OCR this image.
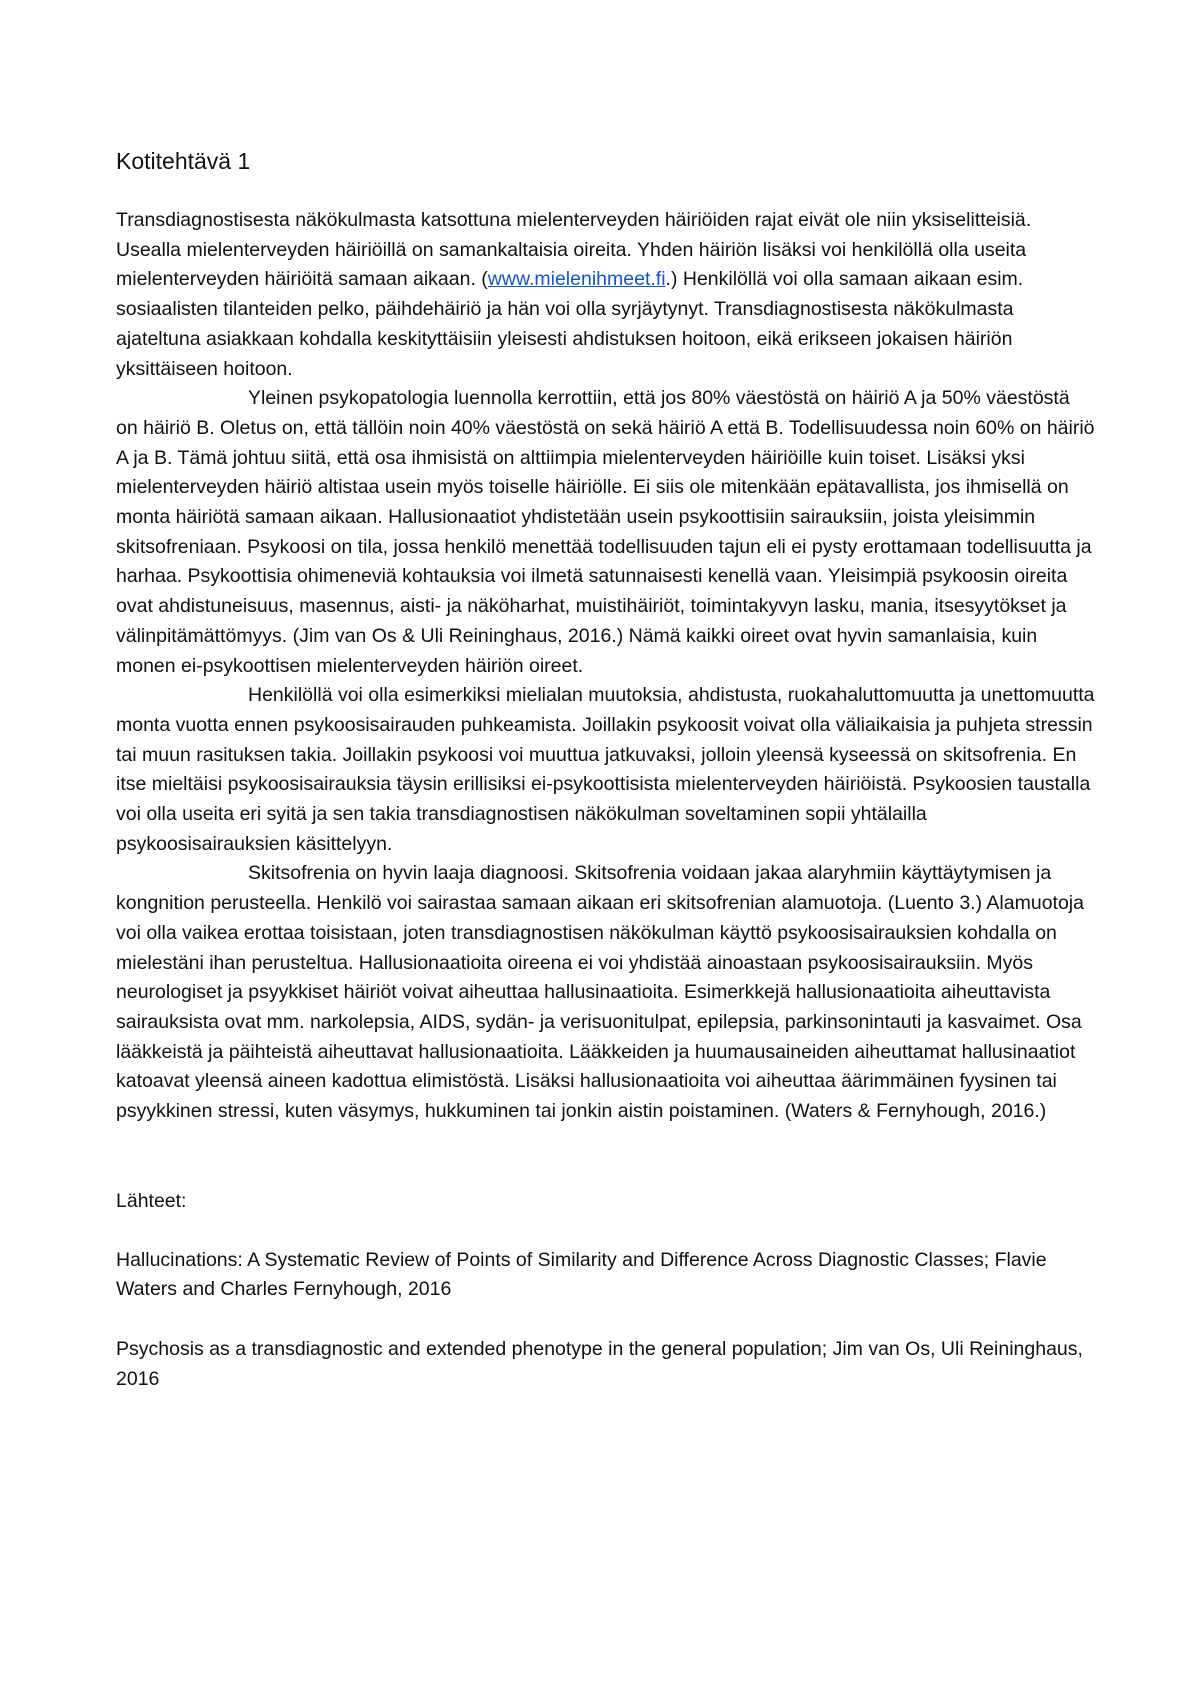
Kotitehtävä 1

Transdiagnostisesta näkökulmasta katsottuna mielenterveyden häiriöiden rajat eivät ole niin yksiselitteisiä. Usealla mielenterveyden häiriöillä on samankaltaisia oireita. Yhden häiriön lisäksi voi henkilöllä olla useita mielenterveyden häiriöitä samaan aikaan. (www.mielenihmeet.fi.) Henkilöllä voi olla samaan aikaan esim. sosiaalisten tilanteiden pelko, päihdehäiriö ja hän voi olla syrjäytynyt. Transdiagnostisesta näkökulmasta ajateltuna asiakkaan kohdalla keskityttäisiin yleisesti ahdistuksen hoitoon, eikä erikseen jokaisen häiriön yksittäiseen hoitoon.

Yleinen psykopatologia luennolla kerrottiin, että jos 80% väestöstä on häiriö A ja 50% väestöstä on häiriö B. Oletus on, että tällöin noin 40% väestöstä on sekä häiriö A että B. Todellisuudessa noin 60% on häiriö A ja B. Tämä johtuu siitä, että osa ihmisistä on alttiimpia mielenterveyden häiriöille kuin toiset. Lisäksi yksi mielenterveyden häiriö altistaa usein myös toiselle häiriölle. Ei siis ole mitenkään epätavallista, jos ihmisellä on monta häiriötä samaan aikaan. Hallusionaatiot yhdistetään usein psykoottisiin sairauksiin, joista yleisimmin skitsofreniaan. Psykoosi on tila, jossa henkilö menettää todellisuuden tajun eli ei pysty erottamaan todellisuutta ja harhaa. Psykoottisia ohimeneviä kohtauksia voi ilmetä satunnaisesti kenellä vaan. Yleisimpiä psykoosin oireita ovat ahdistuneisuus, masennus, aisti- ja näköharhat, muistihäiriöt, toimintakyvyn lasku, mania, itsesyytökset ja välinpitämättömyys. (Jim van Os & Uli Reininghaus, 2016.) Nämä kaikki oireet ovat hyvin samanlaisia, kuin monen ei-psykoottisen mielenterveyden häiriön oireet.

Henkilöllä voi olla esimerkiksi mielialan muutoksia, ahdistusta, ruokahaluttomuutta ja unettomuutta monta vuotta ennen psykoosisairauden puhkeamista. Joillakin psykoosit voivat olla väliaikaisia ja puhjeta stressin tai muun rasituksen takia. Joillakin psykoosi voi muuttua jatkuvaksi, jolloin yleensä kyseessä on skitsofrenia. En itse mieltäisi psykoosisairauksia täysin erillisiksi ei-psykoottisista mielenterveyden häiriöistä. Psykoosien taustalla voi olla useita eri syitä ja sen takia transdiagnostisen näkökulman soveltaminen sopii yhtälailla psykoosisairauksien käsittelyyn.

Skitsofrenia on hyvin laaja diagnoosi. Skitsofrenia voidaan jakaa alaryhmiin käyttäytymisen ja kongnition perusteella. Henkilö voi sairastaa samaan aikaan eri skitsofrenian alamuotoja. (Luento 3.) Alamuotoja voi olla vaikea erottaa toisistaan, joten transdiagnostisen näkökulman käyttö psykoosisairauksien kohdalla on mielestäni ihan perusteltua. Hallusionaatioita oireena ei voi yhdistää ainoastaan psykoosisairauksiin. Myös neurologiset ja psyykkiset häiriöt voivat aiheuttaa hallusinaatioita. Esimerkkejä hallusionaatioita aiheuttavista sairauksista ovat mm. narkolepsia, AIDS, sydän- ja verisuonitulpat, epilepsia, parkinsonintauti ja kasvaimet. Osa lääkkeistä ja päihteistä aiheuttavat hallusionaatioita. Lääkkeiden ja huumausaineiden aiheuttamat hallusinaatiot katoavat yleensä aineen kadottua elimistöstä. Lisäksi hallusionaatioita voi aiheuttaa äärimmäinen fyysinen tai psyykkinen stressi, kuten väsymys, hukkuminen tai jonkin aistin poistaminen. (Waters & Fernyhough, 2016.)

Lähteet:

Hallucinations: A Systematic Review of Points of Similarity and Difference Across Diagnostic Classes; Flavie Waters and Charles Fernyhough, 2016

Psychosis as a transdiagnostic and extended phenotype in the general population; Jim van Os, Uli Reininghaus, 2016
